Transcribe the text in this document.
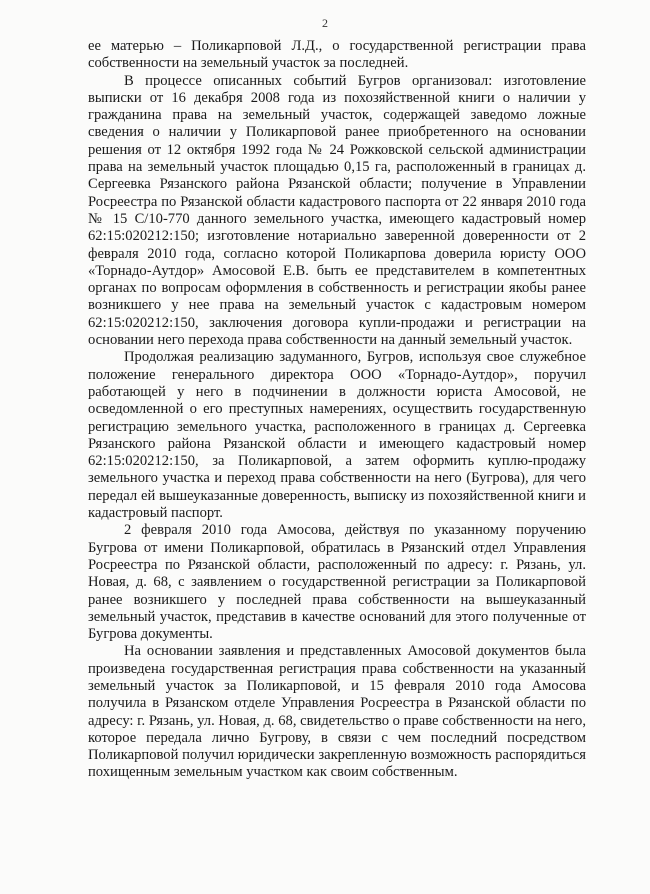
2

ее матерью – Поликарповой Л.Д., о государственной регистрации права собственности на земельный участок за последней.

В процессе описанных событий Бугров организовал: изготовление выписки от 16 декабря 2008 года из похозяйственной книги о наличии у гражданина права на земельный участок, содержащей заведомо ложные сведения о наличии у Поликарповой ранее приобретенного на основании решения от 12 октября 1992 года № 24 Рожковской сельской администрации права на земельный участок площадью 0,15 га, расположенный в границах д. Сергеевка Рязанского района Рязанской области; получение в Управлении Росреестра по Рязанской области кадастрового паспорта от 22 января 2010 года № 15 С/10-770 данного земельного участка, имеющего кадастровый номер 62:15:020212:150; изготовление нотариально заверенной доверенности от 2 февраля 2010 года, согласно которой Поликарпова доверила юристу ООО «Торнадо-Аутдор» Амосовой Е.В. быть ее представителем в компетентных органах по вопросам оформления в собственность и регистрации якобы ранее возникшего у нее права на земельный участок с кадастровым номером 62:15:020212:150, заключения договора купли-продажи и регистрации на основании него перехода права собственности на данный земельный участок.

Продолжая реализацию задуманного, Бугров, используя свое служебное положение генерального директора ООО «Торнадо-Аутдор», поручил работающей у него в подчинении в должности юриста Амосовой, не осведомленной о его преступных намерениях, осуществить государственную регистрацию земельного участка, расположенного в границах д. Сергеевка Рязанского района Рязанской области и имеющего кадастровый номер 62:15:020212:150, за Поликарповой, а затем оформить куплю-продажу земельного участка и переход права собственности на него (Бугрова), для чего передал ей вышеуказанные доверенность, выписку из похозяйственной книги и кадастровый паспорт.

2 февраля 2010 года Амосова, действуя по указанному поручению Бугрова от имени Поликарповой, обратилась в Рязанский отдел Управления Росреестра по Рязанской области, расположенный по адресу: г. Рязань, ул. Новая, д. 68, с заявлением о государственной регистрации за Поликарповой ранее возникшего у последней права собственности на вышеуказанный земельный участок, представив в качестве оснований для этого полученные от Бугрова документы.

На основании заявления и представленных Амосовой документов была произведена государственная регистрация права собственности на указанный земельный участок за Поликарповой, и 15 февраля 2010 года Амосова получила в Рязанском отделе Управления Росреестра в Рязанской области по адресу: г. Рязань, ул. Новая, д. 68, свидетельство о праве собственности на него, которое передала лично Бугрову, в связи с чем последний посредством Поликарповой получил юридически закрепленную возможность распорядиться похищенным земельным участком как своим собственным.
